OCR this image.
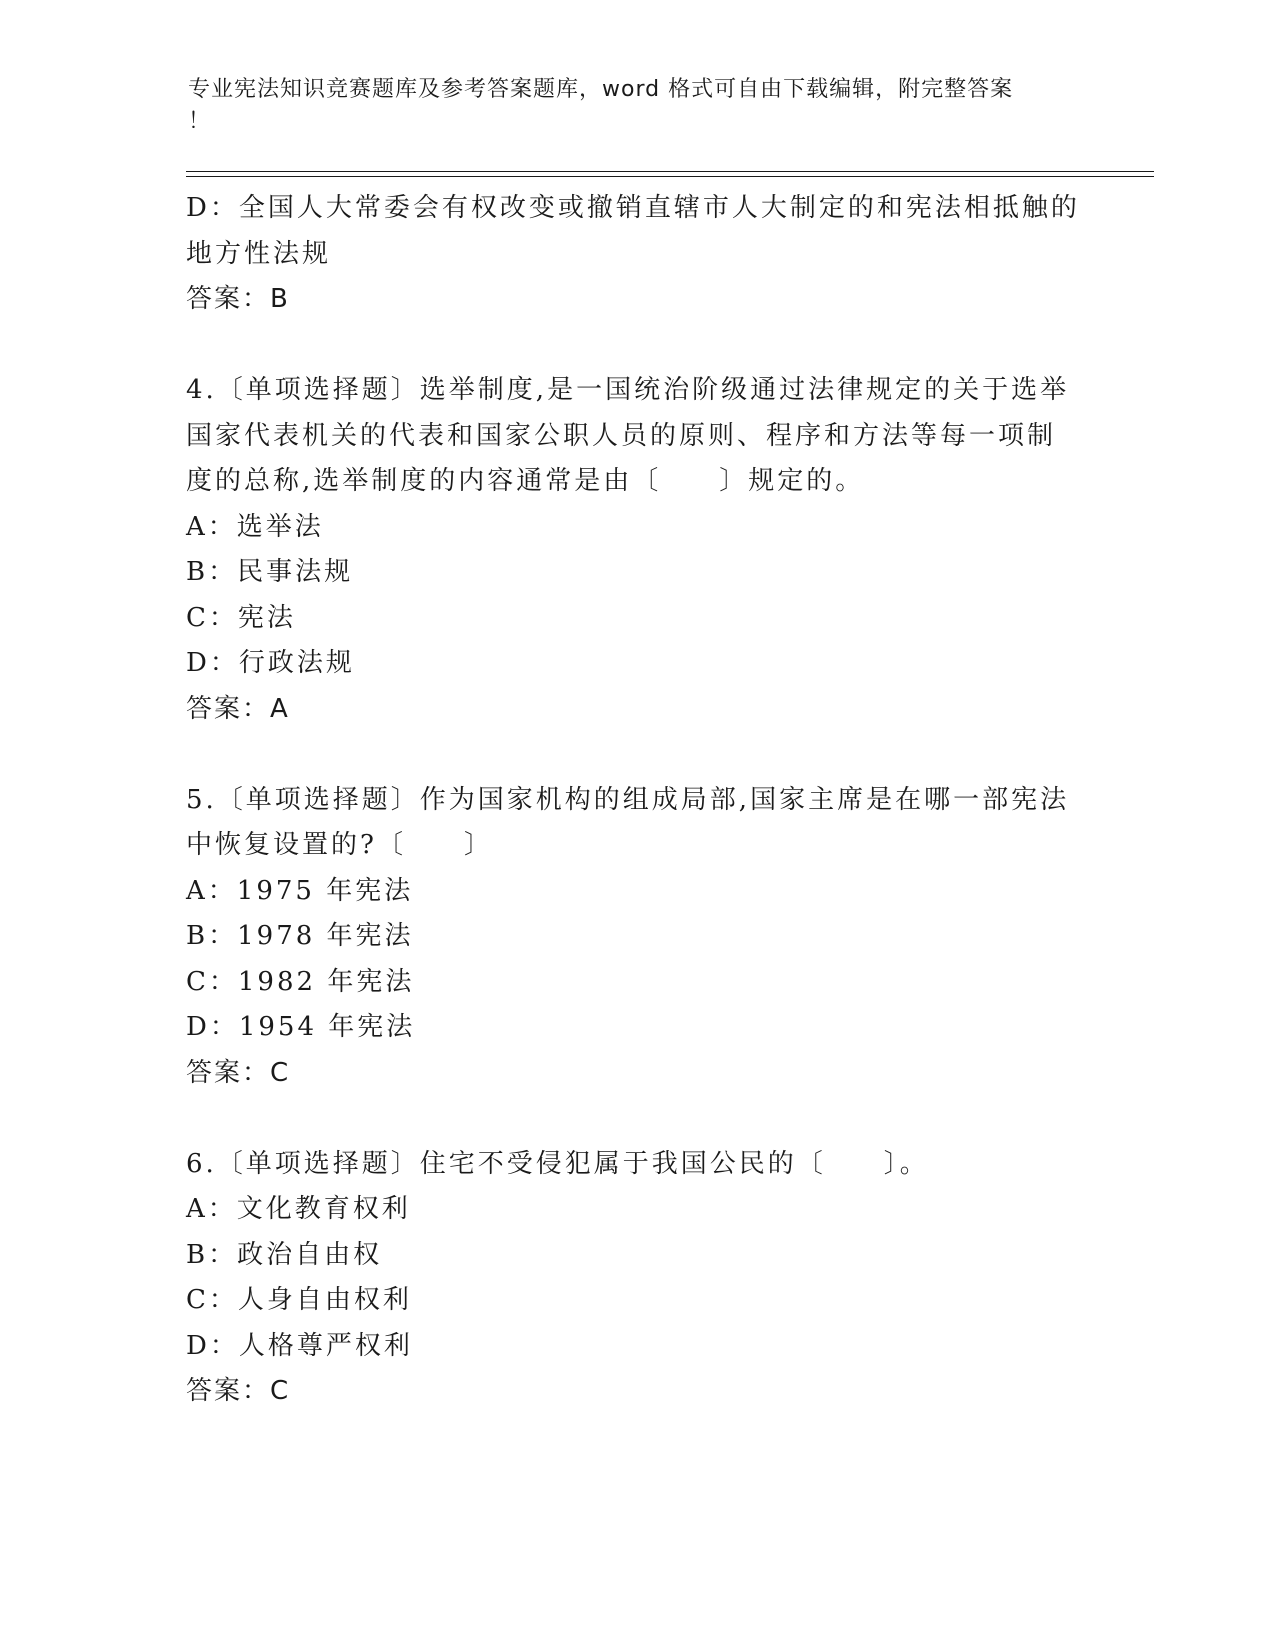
专业宪法知识竞赛题库及参考答案题库，word 格式可自由下载编辑，附完整答案
！
D：全国人大常委会有权改变或撤销直辖市人大制定的和宪法相抵触的
地方性法规
答案：B
4.〔单项选择题〕选举制度,是一国统治阶级通过法律规定的关于选举
国家代表机关的代表和国家公职人员的原则、程序和方法等每一项制
度的总称,选举制度的内容通常是由〔　　〕规定的。
A：选举法
B：民事法规
C：宪法
D：行政法规
答案：A
5.〔单项选择题〕作为国家机构的组成局部,国家主席是在哪一部宪法
中恢复设置的?〔　　〕
A：1975 年宪法
B：1978 年宪法
C：1982 年宪法
D：1954 年宪法
答案：C
6.〔单项选择题〕住宅不受侵犯属于我国公民的〔　　〕。
A：文化教育权利
B：政治自由权
C：人身自由权利
D：人格尊严权利
答案：C
